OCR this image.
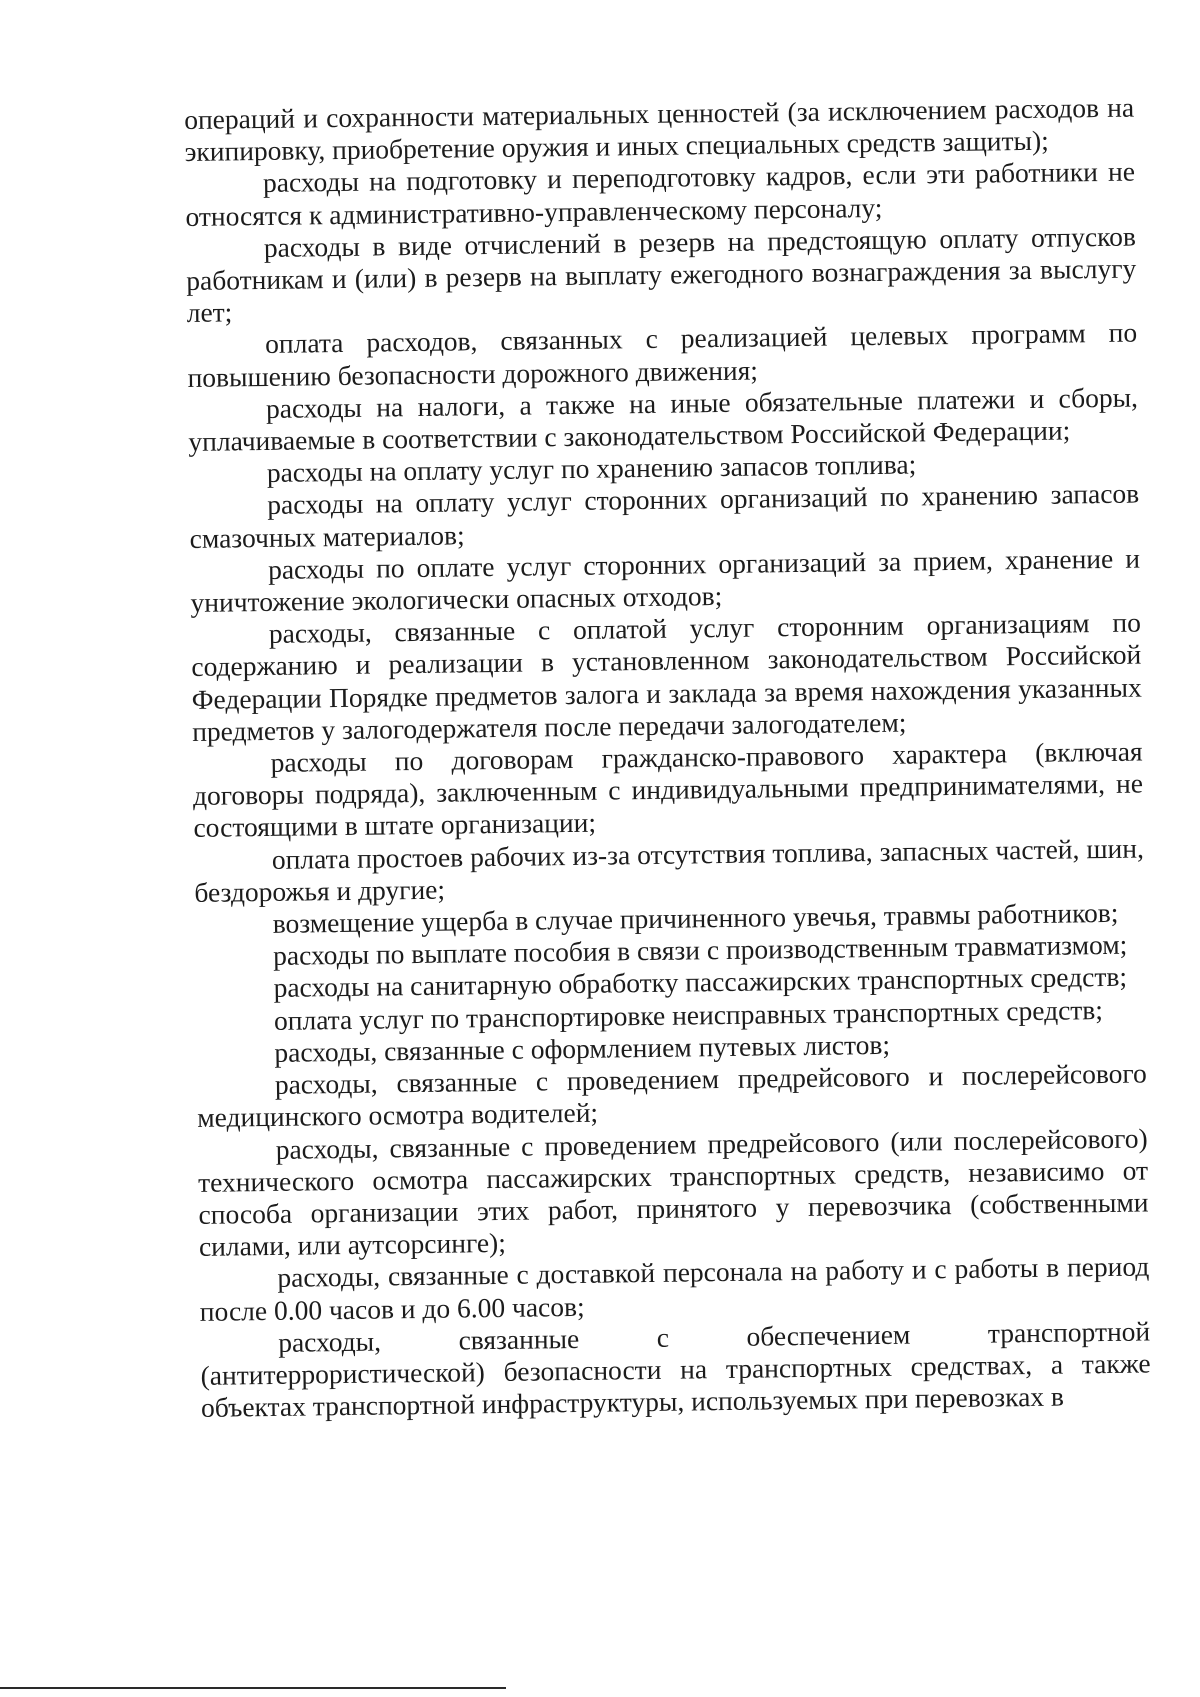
операций и сохранности материальных ценностей (за исключением расходов на экипировку, приобретение оружия и иных специальных средств защиты);

расходы на подготовку и переподготовку кадров, если эти работники не относятся к административно-управленческому персоналу;

расходы в виде отчислений в резерв на предстоящую оплату отпусков работникам и (или) в резерв на выплату ежегодного вознаграждения за выслугу лет;

оплата расходов, связанных с реализацией целевых программ по повышению безопасности дорожного движения;

расходы на налоги, а также на иные обязательные платежи и сборы, уплачиваемые в соответствии с законодательством Российской Федерации;

расходы на оплату услуг по хранению запасов топлива;

расходы на оплату услуг сторонних организаций по хранению запасов смазочных материалов;

расходы по оплате услуг сторонних организаций за прием, хранение и уничтожение экологически опасных отходов;

расходы, связанные с оплатой услуг сторонним организациям по содержанию и реализации в установленном законодательством Российской Федерации Порядке предметов залога и заклада за время нахождения указанных предметов у залогодержателя после передачи залогодателем;

расходы по договорам гражданско-правового характера (включая договоры подряда), заключенным с индивидуальными предпринимателями, не состоящими в штате организации;

оплата простоев рабочих из-за отсутствия топлива, запасных частей, шин, бездорожья и другие;

возмещение ущерба в случае причиненного увечья, травмы работников;

расходы по выплате пособия в связи с производственным травматизмом;

расходы на санитарную обработку пассажирских транспортных средств;

оплата услуг по транспортировке неисправных транспортных средств;

расходы, связанные с оформлением путевых листов;

расходы, связанные с проведением предрейсового и послерейсового медицинского осмотра водителей;

расходы, связанные с проведением предрейсового (или послерейсового) технического осмотра пассажирских транспортных средств, независимо от способа организации этих работ, принятого у перевозчика (собственными силами, или аутсорсинге);

расходы, связанные с доставкой персонала на работу и с работы в период после 0.00 часов и до 6.00 часов;

расходы, связанные с обеспечением транспортной (антитеррористической) безопасности на транспортных средствах, а также объектах транспортной инфраструктуры, используемых при перевозках в
